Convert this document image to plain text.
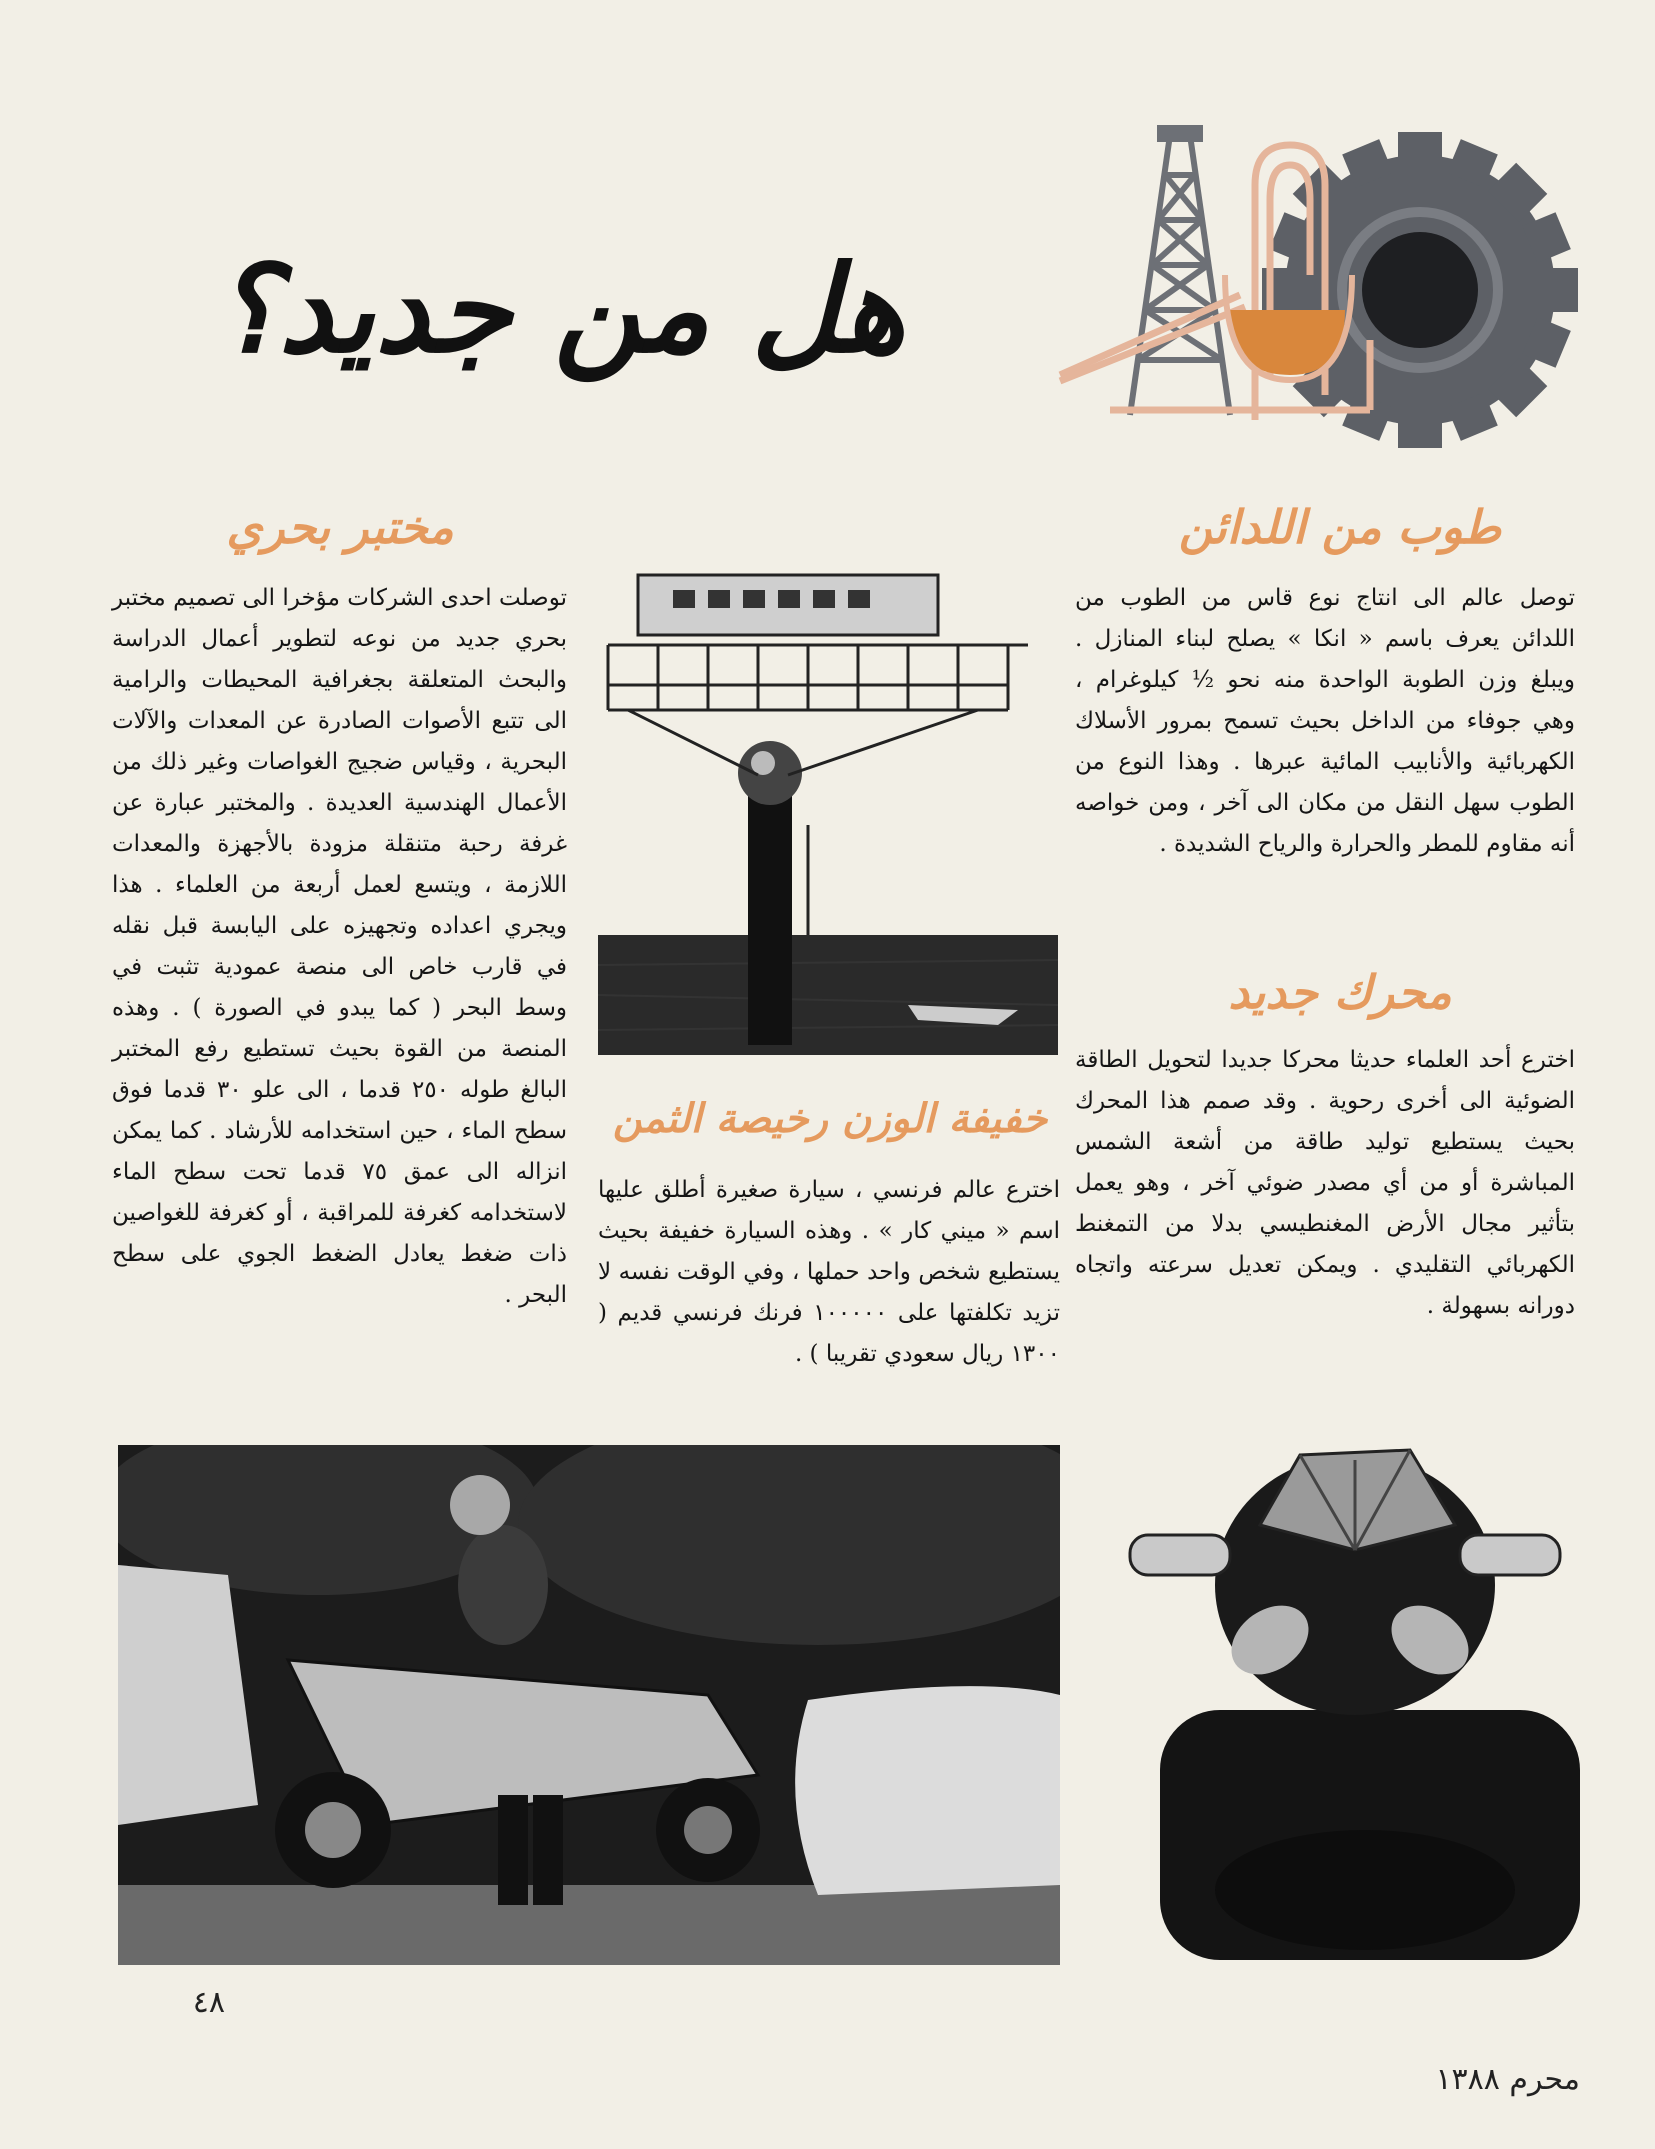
هل من جديد؟
طوب من اللدائن
توصل عالم الى انتاج نوع قاس من الطوب من اللدائن يعرف باسم « انكا » يصلح لبناء المنازل . ويبلغ وزن الطوبة الواحدة منه نحو ½ كيلوغرام ، وهي جوفاء من الداخل بحيث تسمح بمرور الأسلاك الكهربائية والأنابيب المائية عبرها . وهذا النوع من الطوب سهل النقل من مكان الى آخر ، ومن خواصه أنه مقاوم للمطر والحرارة والرياح الشديدة .
محرك جديد
اخترع أحد العلماء حديثا محركا جديدا لتحويل الطاقة الضوئية الى أخرى رحوية . وقد صمم هذا المحرك بحيث يستطيع توليد طاقة من أشعة الشمس المباشرة أو من أي مصدر ضوئي آخر ، وهو يعمل بتأثير مجال الأرض المغنطيسي بدلا من التمغنط الكهربائي التقليدي . ويمكن تعديل سرعته واتجاه دورانه بسهولة .
خفيفة الوزن رخيصة الثمن
اخترع عالم فرنسي ، سيارة صغيرة أطلق عليها اسم « ميني كار » . وهذه السيارة خفيفة بحيث يستطيع شخص واحد حملها ، وفي الوقت نفسه لا تزيد تكلفتها على ١٠٠٠٠٠ فرنك فرنسي قديم ( ١٣٠٠ ريال سعودي تقريبا ) .
مختبر بحري
توصلت احدى الشركات مؤخرا الى تصميم مختبر بحري جديد من نوعه لتطوير أعمال الدراسة والبحث المتعلقة بجغرافية المحيطات والرامية الى تتبع الأصوات الصادرة عن المعدات والآلات البحرية ، وقياس ضجيج الغواصات وغير ذلك من الأعمال الهندسية العديدة . والمختبر عبارة عن غرفة رحبة متنقلة مزودة بالأجهزة والمعدات اللازمة ، ويتسع لعمل أربعة من العلماء . هذا ويجري اعداده وتجهيزه على اليابسة قبل نقله في قارب خاص الى منصة عمودية تثبت في وسط البحر ( كما يبدو في الصورة ) . وهذه المنصة من القوة بحيث تستطيع رفع المختبر البالغ طوله ٢٥٠ قدما ، الى علو ٣٠ قدما فوق سطح الماء ، حين استخدامه للأرشاد . كما يمكن انزاله الى عمق ٧٥ قدما تحت سطح الماء لاستخدامه كغرفة للمراقبة ، أو كغرفة للغواصين ذات ضغط يعادل الضغط الجوي على سطح البحر .
٤٨
محرم ١٣٨٨
